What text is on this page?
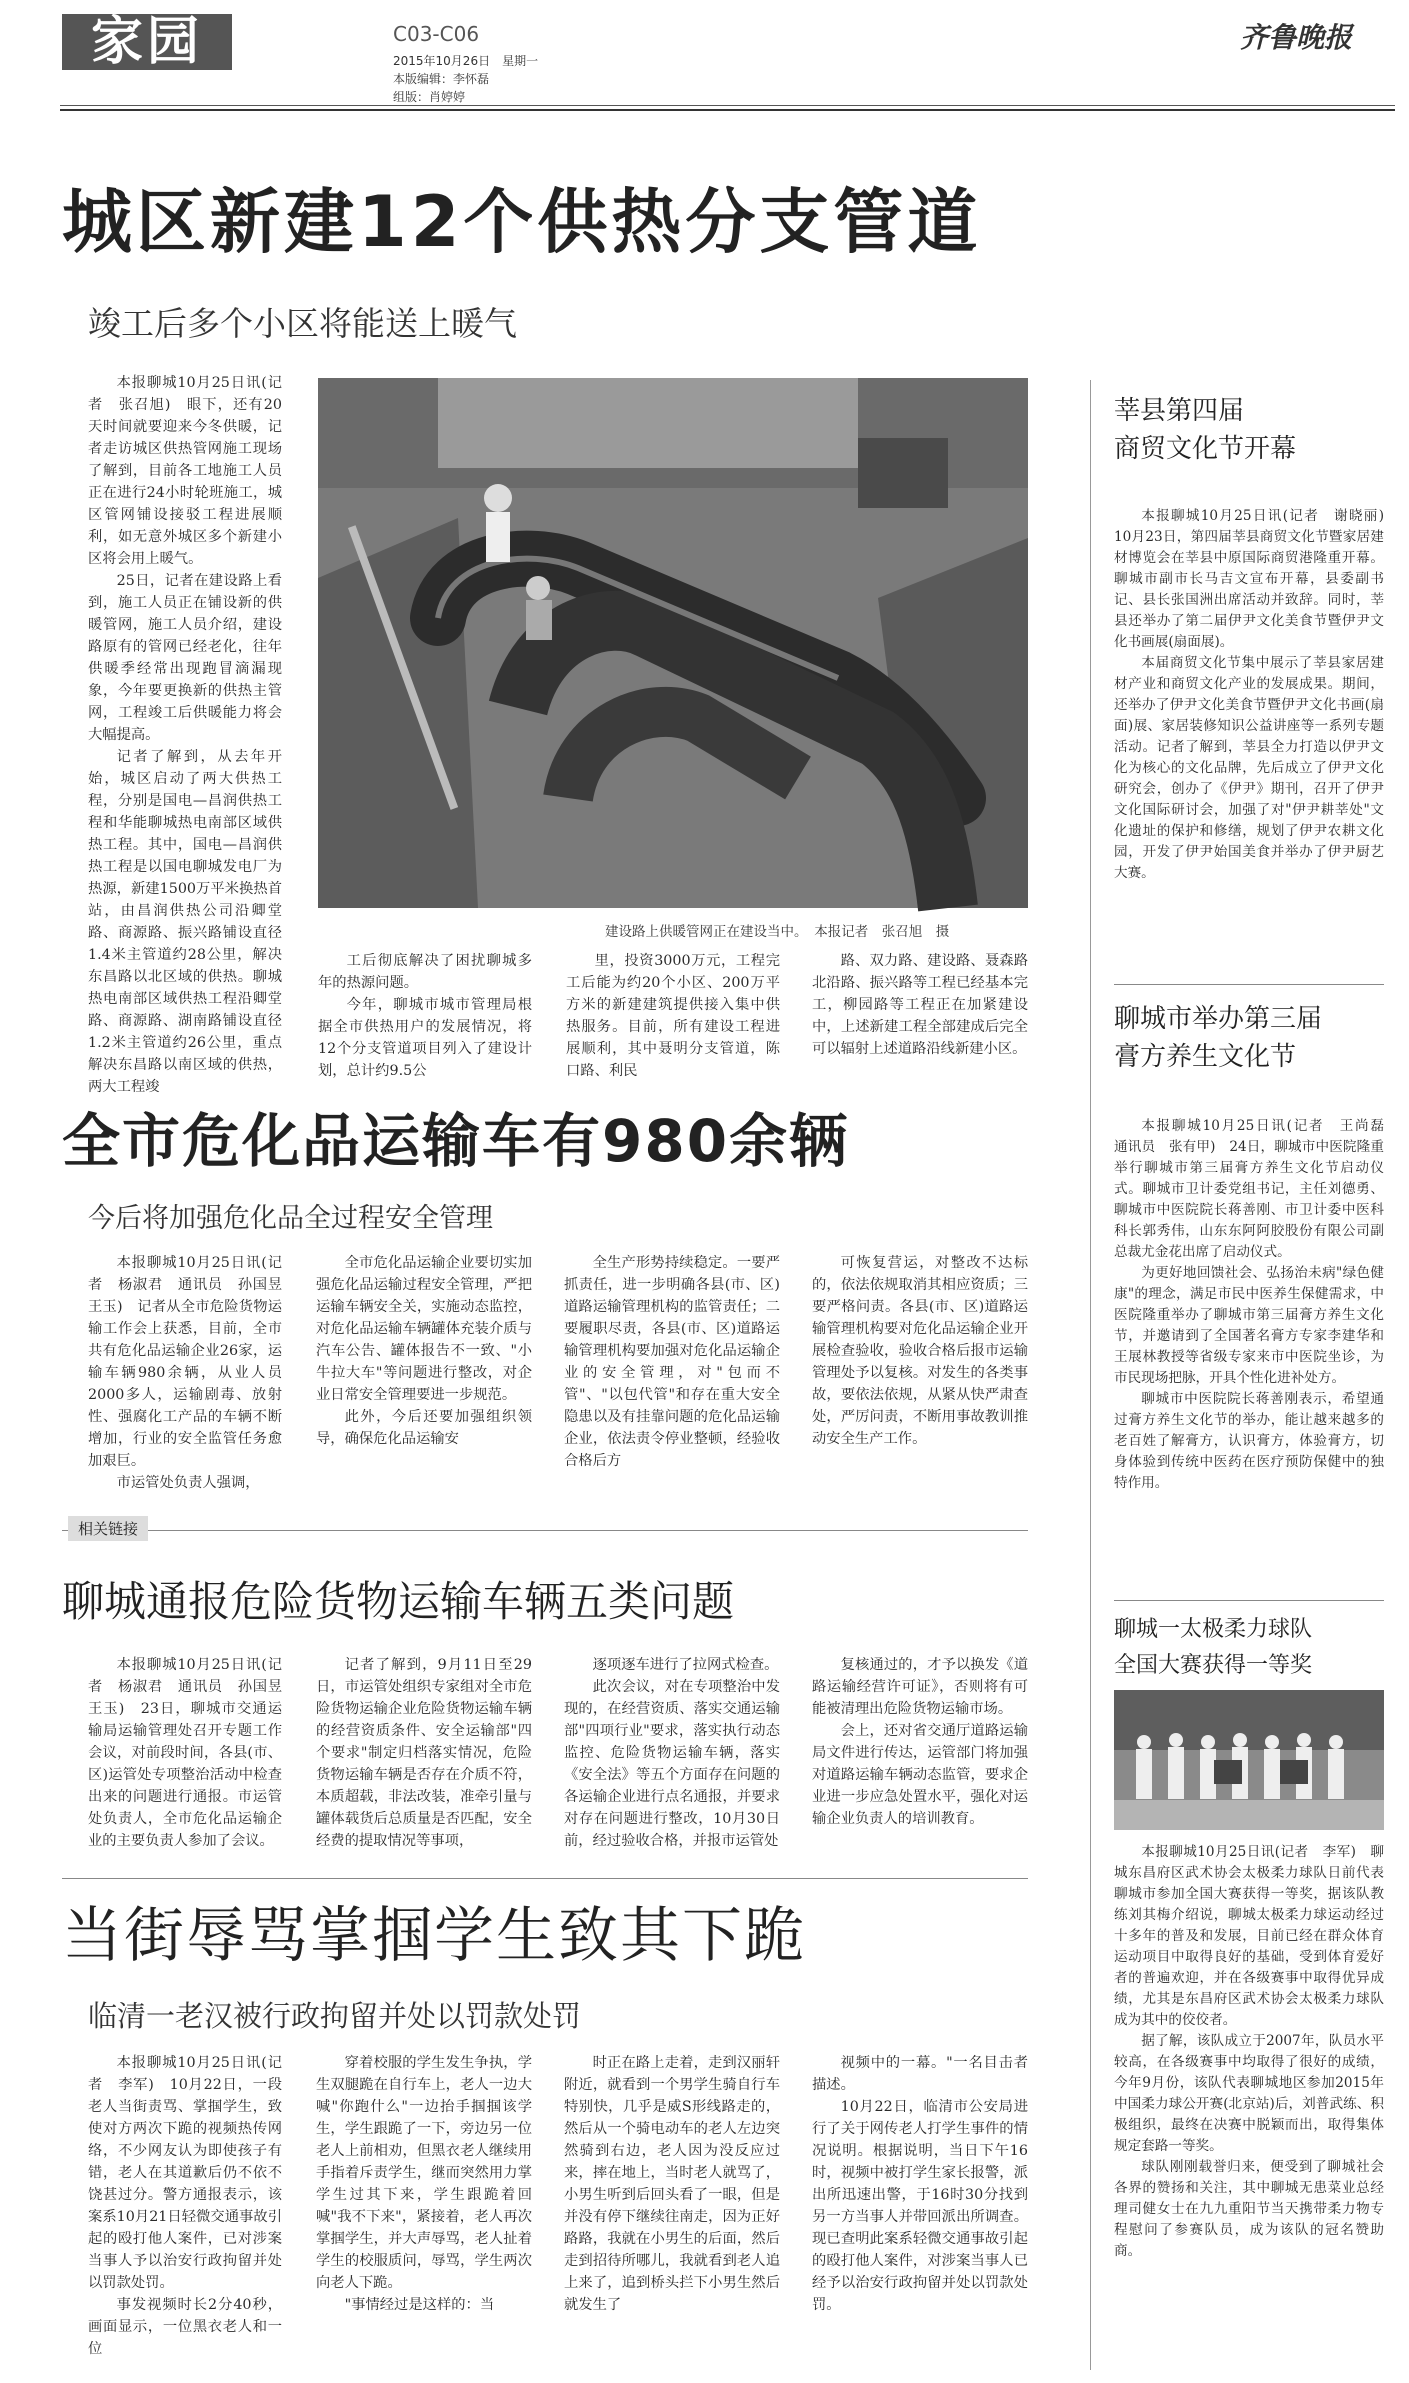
家园	C03-C06
2015年10月26日　星期一
本版编辑：李怀磊
组版：肖婷婷
齐鲁晚报
城区新建12个供热分支管道
竣工后多个小区将能送上暖气

本报聊城10月25日讯(记者　张召旭)　眼下，还有20天时间就要迎来今冬供暖，记者走访城区供热管网施工现场了解到，目前各工地施工人员正在进行24小时轮班施工，城区管网铺设接驳工程进展顺利，如无意外城区多个新建小区将会用上暖气。

25日，记者在建设路上看到，施工人员正在铺设新的供暖管网，施工人员介绍，建设路原有的管网已经老化，往年供暖季经常出现跑冒滴漏现象，今年要更换新的供热主管网，工程竣工后供暖能力将会大幅提高。

记者了解到，从去年开始，城区启动了两大供热工程，分别是国电—昌润供热工程和华能聊城热电南部区域供热工程。其中，国电—昌润供热工程是以国电聊城发电厂为热源，新建1500万平米换热首站，由昌润供热公司沿卿堂路、商源路、振兴路铺设直径1.4米主管道约28公里，解决东昌路以北区域的供热。聊城热电南部区域供热工程沿卿堂路、商源路、湖南路铺设直径1.2米主管道约26公里，重点解决东昌路以南区域的供热，两大工程竣

建设路上供暖管网正在建设当中。　本报记者　张召旭　摄

工后彻底解决了困扰聊城多年的热源问题。

今年，聊城市城市管理局根据全市供热用户的发展情况，将12个分支管道项目列入了建设计划，总计约9.5公

里，投资3000万元，工程完工后能为约20个小区、200万平方米的新建建筑提供接入集中供热服务。目前，所有建设工程进展顺利，其中聂明分支管道，陈口路、利民

路、双力路、建设路、聂森路北沿路、振兴路等工程已经基本完工，柳园路等工程正在加紧建设中，上述新建工程全部建成后完全可以辐射上述道路沿线新建小区。

全市危化品运输车有980余辆
今后将加强危化品全过程安全管理

本报聊城10月25日讯(记者　杨淑君　通讯员　孙国昱　王玉)　记者从全市危险货物运输工作会上获悉，目前，全市共有危化品运输企业26家，运输车辆980余辆，从业人员2000多人，运输剧毒、放射性、强腐化工产品的车辆不断增加，行业的安全监管任务愈加艰巨。

市运管处负责人强调，

全市危化品运输企业要切实加强危化品运输过程安全管理，严把运输车辆安全关，实施动态监控，对危化品运输车辆罐体充装介质与汽车公告、罐体报告不一致、"小牛拉大车"等问题进行整改，对企业日常安全管理要进一步规范。

此外，今后还要加强组织领导，确保危化品运输安

全生产形势持续稳定。一要严抓责任，进一步明确各县(市、区)道路运输管理机构的监管责任；二要履职尽责，各县(市、区)道路运输管理机构要加强对危化品运输企业的安全管理，对"包而不管"、"以包代管"和存在重大安全隐患以及有挂靠问题的危化品运输企业，依法责令停业整顿，经验收合格后方

可恢复营运，对整改不达标的，依法依规取消其相应资质；三要严格问责。各县(市、区)道路运输管理机构要对危化品运输企业开展检查验收，验收合格后报市运输管理处予以复核。对发生的各类事故，要依法依规，从紧从快严肃查处，严厉问责，不断用事故教训推动安全生产工作。

相关链接
聊城通报危险货物运输车辆五类问题

本报聊城10月25日讯(记者　杨淑君　通讯员　孙国昱　王玉)　23日，聊城市交通运输局运输管理处召开专题工作会议，对前段时间，各县(市、区)运管处专项整治活动中检查出来的问题进行通报。市运管处负责人，全市危化品运输企业的主要负责人参加了会议。

记者了解到，9月11日至29日，市运管处组织专家组对全市危险货物运输企业危险货物运输车辆的经营资质条件、安全运输部"四个要求"制定归档落实情况，危险货物运输车辆是否存在介质不符，本质超载，非法改装，准牵引量与罐体载货后总质量是否匹配，安全经费的提取情况等事项，

逐项逐车进行了拉网式检查。

此次会议，对在专项整治中发现的，在经营资质、落实交通运输部"四项行业"要求，落实执行动态监控、危险货物运输车辆，落实《安全法》等五个方面存在问题的各运输企业进行点名通报，并要求对存在问题进行整改，10月30日前，经过验收合格，并报市运管处

复核通过的，才予以换发《道路运输经营许可证》，否则将有可能被清理出危险货物运输市场。

会上，还对省交通厅道路运输局文件进行传达，运管部门将加强对道路运输车辆动态监管，要求企业进一步应急处置水平，强化对运输企业负责人的培训教育。

当街辱骂掌掴学生致其下跪
临清一老汉被行政拘留并处以罚款处罚

本报聊城10月25日讯(记者　李军)　10月22日，一段老人当街责骂、掌掴学生，致使对方两次下跪的视频热传网络，不少网友认为即使孩子有错，老人在其道歉后仍不依不饶甚过分。警方通报表示，该案系10月21日轻微交通事故引起的殴打他人案件，已对涉案当事人予以治安行政拘留并处以罚款处罚。

事发视频时长2分40秒，画面显示，一位黑衣老人和一位

穿着校服的学生发生争执，学生双腿跪在自行车上，老人一边大喊"你跑什么"一边抬手掴掴该学生，学生跟跪了一下，旁边另一位老人上前相劝，但黑衣老人继续用手指着斥责学生，继而突然用力掌学生过其下来，学生跟跪着回喊"我不下来"，紧接着，老人再次掌掴学生，并大声辱骂，老人扯着学生的校服质问，辱骂，学生两次向老人下跪。

"事情经过是这样的：当

时正在路上走着，走到汉丽轩附近，就看到一个男学生骑自行车特别快，几乎是威S形线路走的，然后从一个骑电动车的老人左边突然骑到右边，老人因为没反应过来，摔在地上，当时老人就骂了，小男生听到后回头看了一眼，但是并没有停下继续往南走，因为正好路路，我就在小男生的后面，然后走到招待所哪儿，我就看到老人追上来了，追到桥头拦下小男生然后就发生了

视频中的一幕。"一名目击者描述。

10月22日，临清市公安局进行了关于网传老人打学生事件的情况说明。根据说明，当日下午16时，视频中被打学生家长报警，派出所迅速出警，于16时30分找到另一方当事人并带回派出所调查。现已查明此案系轻微交通事故引起的殴打他人案件，对涉案当事人已经予以治安行政拘留并处以罚款处罚。

莘县第四届
商贸文化节开幕

本报聊城10月25日讯(记者　谢晓丽)　10月23日，第四届莘县商贸文化节暨家居建材博览会在莘县中原国际商贸港隆重开幕。聊城市副市长马吉文宣布开幕，县委副书记、县长张国洲出席活动并致辞。同时，莘县还举办了第二届伊尹文化美食节暨伊尹文化书画展(扇面展)。

本届商贸文化节集中展示了莘县家居建材产业和商贸文化产业的发展成果。期间，还举办了伊尹文化美食节暨伊尹文化书画(扇面)展、家居装修知识公益讲座等一系列专题活动。记者了解到，莘县全力打造以伊尹文化为核心的文化品牌，先后成立了伊尹文化研究会，创办了《伊尹》期刊，召开了伊尹文化国际研讨会，加强了对"伊尹耕莘处"文化遗址的保护和修缮，规划了伊尹农耕文化园，开发了伊尹始国美食并举办了伊尹厨艺大赛。

聊城市举办第三届
膏方养生文化节

本报聊城10月25日讯(记者　王尚磊　通讯员　张有甲)　24日，聊城市中医院隆重举行聊城市第三届膏方养生文化节启动仪式。聊城市卫计委党组书记，主任刘德勇、聊城市中医院院长蒋善刚、市卫计委中医科科长郭秀伟，山东东阿阿胶股份有限公司副总裁尤金花出席了启动仪式。

为更好地回馈社会、弘扬治未病"绿色健康"的理念，满足市民中医养生保健需求，中医院隆重举办了聊城市第三届膏方养生文化节，并邀请到了全国著名膏方专家李建华和王展林教授等省级专家来市中医院坐诊，为市民现场把脉，开具个性化进补处方。

聊城市中医院院长蒋善刚表示，希望通过膏方养生文化节的举办，能让越来越多的老百姓了解膏方，认识膏方，体验膏方，切身体验到传统中医药在医疗预防保健中的独特作用。

聊城一太极柔力球队
全国大赛获得一等奖

本报聊城10月25日讯(记者　李军)　聊城东昌府区武术协会太极柔力球队日前代表聊城市参加全国大赛获得一等奖，据该队教练刘其梅介绍说，聊城太极柔力球运动经过十多年的普及和发展，目前已经在群众体育运动项目中取得良好的基础，受到体育爱好者的普遍欢迎，并在各级赛事中取得优异成绩，尤其是东昌府区武术协会太极柔力球队成为其中的佼佼者。

据了解，该队成立于2007年，队员水平较高，在各级赛事中均取得了很好的成绩，今年9月份，该队代表聊城地区参加2015年中国柔力球公开赛(北京站)后，刘普武练、积极组织，最终在决赛中脱颖而出，取得集体规定套路一等奖。

球队刚刚载誉归来，便受到了聊城社会各界的赞扬和关注，其中聊城无患菜业总经理司健女士在九九重阳节当天携带柔力物专程慰问了参赛队员，成为该队的冠名赞助商。
